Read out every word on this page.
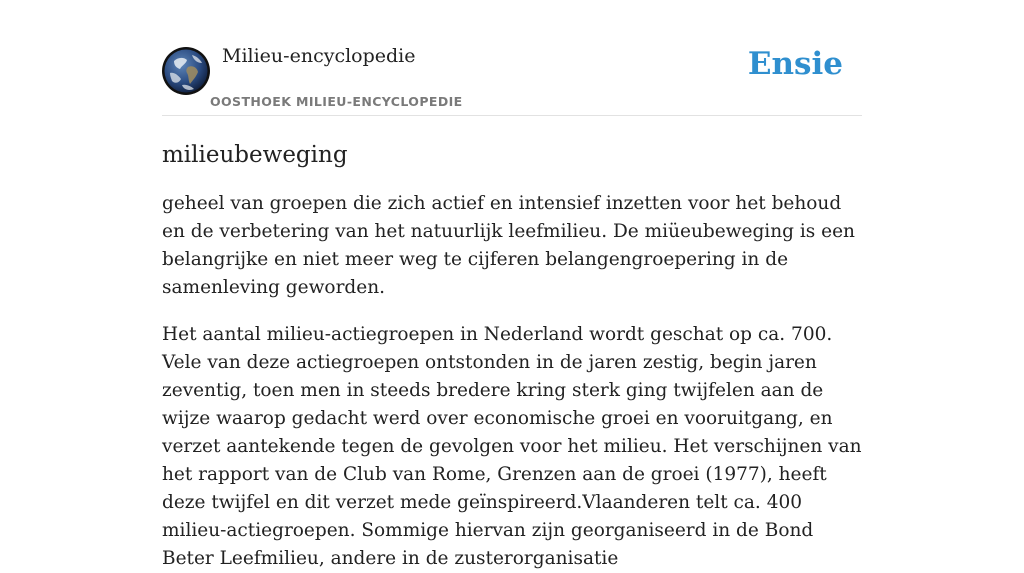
Milieu-encyclopedie
OOSTHOEK MILIEU-ENCYCLOPEDIE
Ensie
milieubeweging

geheel van groepen die zich actief en intensief inzetten voor het behoud en de verbetering van het natuurlijk leefmilieu. De miüeubeweging is een belangrijke en niet meer weg te cijferen belangengroepering in de samenleving geworden.

Het aantal milieu-actiegroepen in Nederland wordt geschat op ca. 700. Vele van deze actiegroepen ontstonden in de jaren zestig, begin jaren zeventig, toen men in steeds bredere kring sterk ging twijfelen aan de wijze waarop gedacht werd over economische groei en vooruitgang, en verzet aantekende tegen de gevolgen voor het milieu. Het verschijnen van het rapport van de Club van Rome, Grenzen aan de groei (1977), heeft deze twijfel en dit verzet mede geïnspireerd.Vlaanderen telt ca. 400 milieu-actiegroepen. Sommige hiervan zijn georganiseerd in de Bond Beter Leefmilieu, andere in de zusterorganisatie
